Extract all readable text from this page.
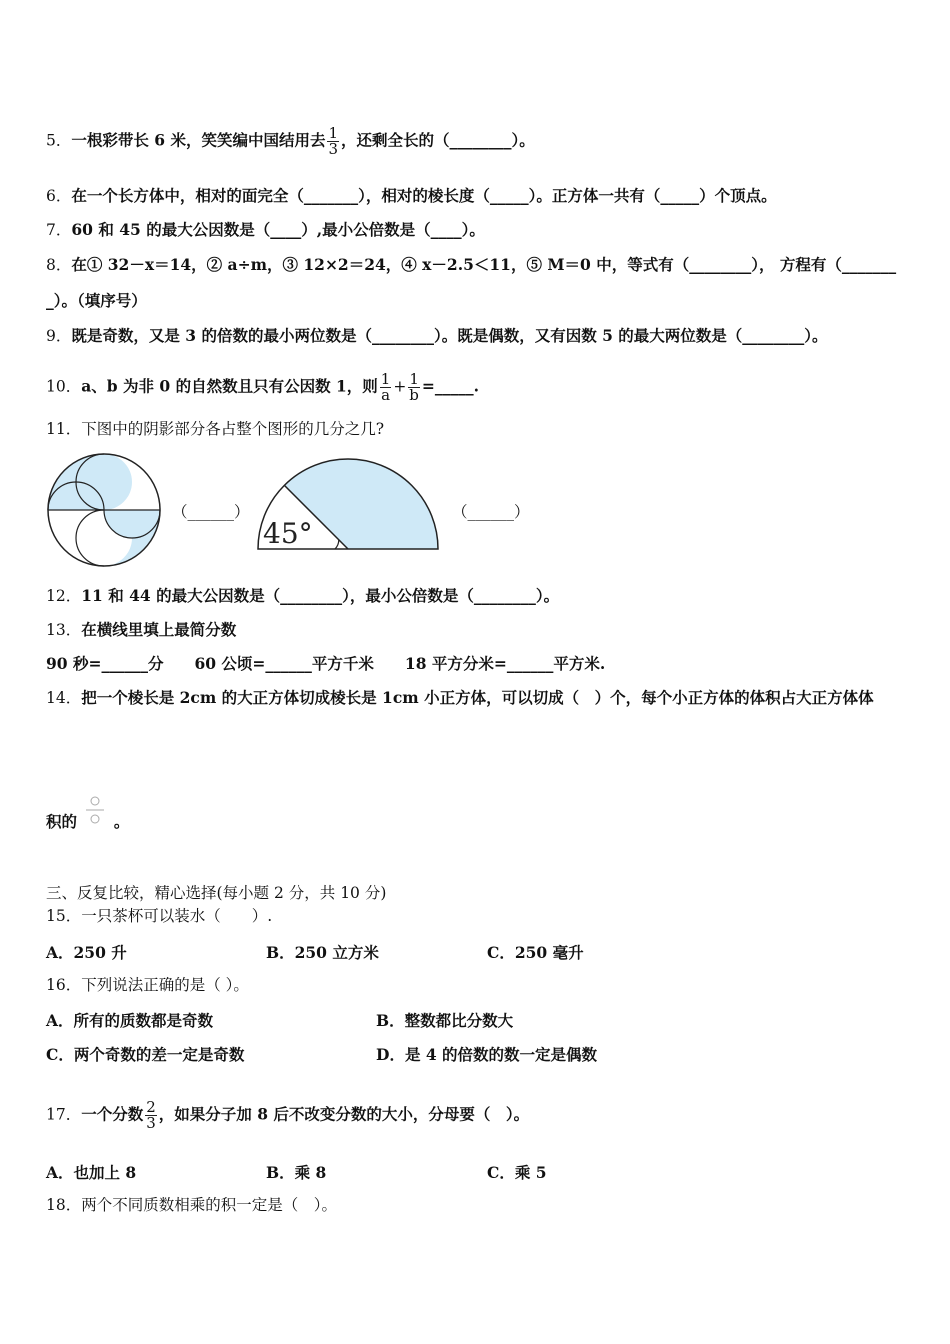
5．一根彩带长 6 米，笑笑编中国结用去 $\frac{1}{3}$ ，还剩全长的（________）。
6．在一个长方体中，相对的面完全（_______），相对的棱长度（_____）。正方体一共有（_____）个顶点。
7．60 和 45 的最大公因数是（____）,最小公倍数是（____）。
8．在① 32－x＝14，② a÷m，③ 12×2＝24，④ x－2.5＜11，⑤ M＝0 中，等式有（________）， 方程有（_______
_）。（填序号）
9．既是奇数，又是 3 的倍数的最小两位数是（________）。既是偶数，又有因数 5 的最大两位数是（________）。
10．a、b 为非 0 的自然数且只有公因数 1，则 $\frac{1}{a} + \frac{1}{b}$ =_____.
11．下图中的阴影部分各占整个图形的几分之几?
（______）
45°
（______）
12．11 和 44 的最大公因数是（________），最小公倍数是（________）。
13．在横线里填上最简分数
90 秒=______分　　60 公顷=______平方千米　　18 平方分米=______平方米.
14．把一个棱长是 2cm 的大正方体切成棱长是 1cm 小正方体，可以切成（　）个，每个小正方体的体积占大正方体体
积的 。
三、反复比较，精心选择(每小题 2 分，共 10 分)
15．一只茶杯可以装水（　　）.
A．250 升	B．250 立方米	C．250 毫升
16．下列说法正确的是（ ）。
A．所有的质数都是奇数	B．整数都比分数大
C．两个奇数的差一定是奇数	D．是 4 的倍数的数一定是偶数
17．一个分数 $\frac{2}{3}$ ，如果分子加 8 后不改变分数的大小，分母要（　）。
A．也加上 8	B．乘 8	C．乘 5
18．两个不同质数相乘的积一定是（　）。
